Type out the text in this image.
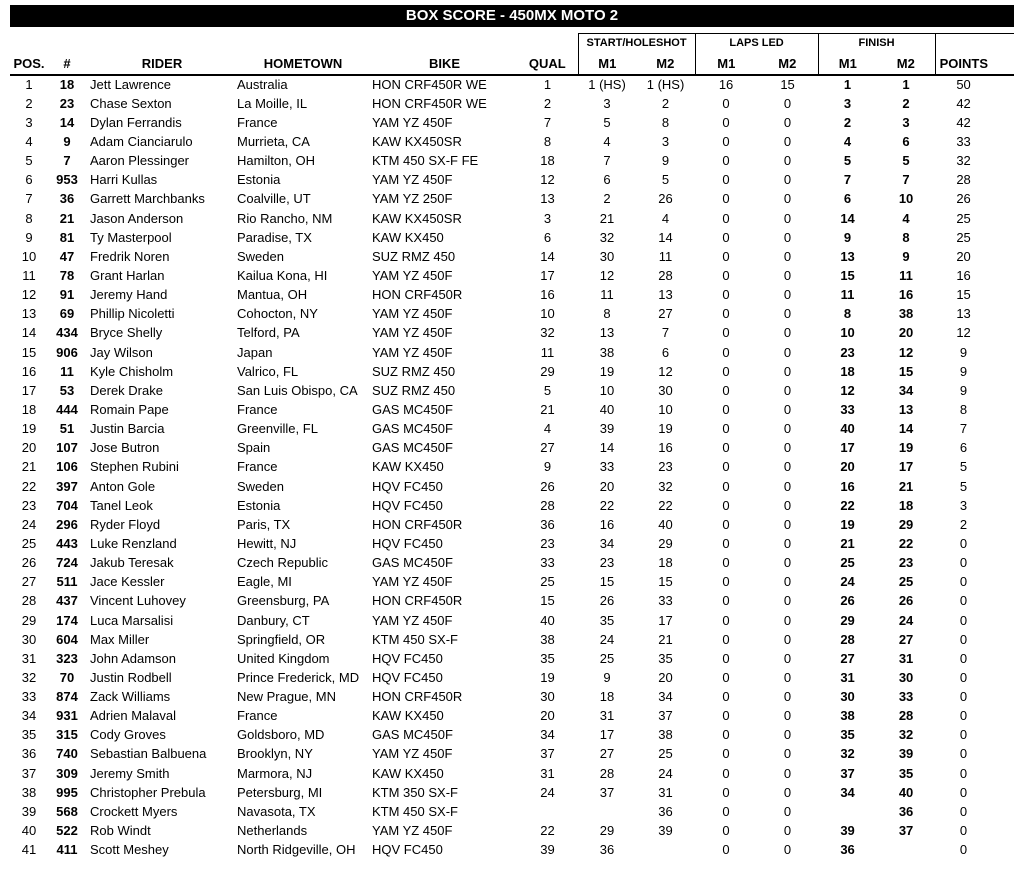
BOX SCORE - 450MX MOTO 2
						START/HOLESHOT		LAPS LED		FINISH		
POS.	#	RIDER	HOMETOWN	BIKE	QUAL	M1	M2	M1	M2	M1	M2	POINTS
1	18	Jett Lawrence	Australia	HON CRF450R WE	1	1 (HS)	1 (HS)	16	15	1	1	50
2	23	Chase Sexton	La Moille, IL	HON CRF450R WE	2	3	2	0	0	3	2	42
3	14	Dylan Ferrandis	France	YAM YZ 450F	7	5	8	0	0	2	3	42
4	9	Adam Cianciarulo	Murrieta, CA	KAW KX450SR	8	4	3	0	0	4	6	33
5	7	Aaron Plessinger	Hamilton, OH	KTM 450 SX-F FE	18	7	9	0	0	5	5	32
6	953	Harri Kullas	Estonia	YAM YZ 450F	12	6	5	0	0	7	7	28
7	36	Garrett Marchbanks	Coalville, UT	YAM YZ 250F	13	2	26	0	0	6	10	26
8	21	Jason Anderson	Rio Rancho, NM	KAW KX450SR	3	21	4	0	0	14	4	25
9	81	Ty Masterpool	Paradise, TX	KAW KX450	6	32	14	0	0	9	8	25
10	47	Fredrik Noren	Sweden	SUZ RMZ 450	14	30	11	0	0	13	9	20
11	78	Grant Harlan	Kailua Kona, HI	YAM YZ 450F	17	12	28	0	0	15	11	16
12	91	Jeremy Hand	Mantua, OH	HON CRF450R	16	11	13	0	0	11	16	15
13	69	Phillip Nicoletti	Cohocton, NY	YAM YZ 450F	10	8	27	0	0	8	38	13
14	434	Bryce Shelly	Telford, PA	YAM YZ 450F	32	13	7	0	0	10	20	12
15	906	Jay Wilson	Japan	YAM YZ 450F	11	38	6	0	0	23	12	9
16	11	Kyle Chisholm	Valrico, FL	SUZ RMZ 450	29	19	12	0	0	18	15	9
17	53	Derek Drake	San Luis Obispo, CA	SUZ RMZ 450	5	10	30	0	0	12	34	9
18	444	Romain Pape	France	GAS MC450F	21	40	10	0	0	33	13	8
19	51	Justin Barcia	Greenville, FL	GAS MC450F	4	39	19	0	0	40	14	7
20	107	Jose Butron	Spain	GAS MC450F	27	14	16	0	0	17	19	6
21	106	Stephen Rubini	France	KAW KX450	9	33	23	0	0	20	17	5
22	397	Anton Gole	Sweden	HQV FC450	26	20	32	0	0	16	21	5
23	704	Tanel Leok	Estonia	HQV FC450	28	22	22	0	0	22	18	3
24	296	Ryder Floyd	Paris, TX	HON CRF450R	36	16	40	0	0	19	29	2
25	443	Luke Renzland	Hewitt, NJ	HQV FC450	23	34	29	0	0	21	22	0
26	724	Jakub Teresak	Czech Republic	GAS MC450F	33	23	18	0	0	25	23	0
27	511	Jace Kessler	Eagle, MI	YAM YZ 450F	25	15	15	0	0	24	25	0
28	437	Vincent Luhovey	Greensburg, PA	HON CRF450R	15	26	33	0	0	26	26	0
29	174	Luca Marsalisi	Danbury, CT	YAM YZ 450F	40	35	17	0	0	29	24	0
30	604	Max Miller	Springfield, OR	KTM 450 SX-F	38	24	21	0	0	28	27	0
31	323	John Adamson	United Kingdom	HQV FC450	35	25	35	0	0	27	31	0
32	70	Justin Rodbell	Prince Frederick, MD	HQV FC450	19	9	20	0	0	31	30	0
33	874	Zack Williams	New Prague, MN	HON CRF450R	30	18	34	0	0	30	33	0
34	931	Adrien Malaval	France	KAW KX450	20	31	37	0	0	38	28	0
35	315	Cody Groves	Goldsboro, MD	GAS MC450F	34	17	38	0	0	35	32	0
36	740	Sebastian Balbuena	Brooklyn, NY	YAM YZ 450F	37	27	25	0	0	32	39	0
37	309	Jeremy Smith	Marmora, NJ	KAW KX450	31	28	24	0	0	37	35	0
38	995	Christopher Prebula	Petersburg, MI	KTM 350 SX-F	24	37	31	0	0	34	40	0
39	568	Crockett Myers	Navasota, TX	KTM 450 SX-F			36	0	0		36	0
40	522	Rob Windt	Netherlands	YAM YZ 450F	22	29	39	0	0	39	37	0
41	411	Scott Meshey	North Ridgeville, OH	HQV FC450	39	36		0	0	36		0
